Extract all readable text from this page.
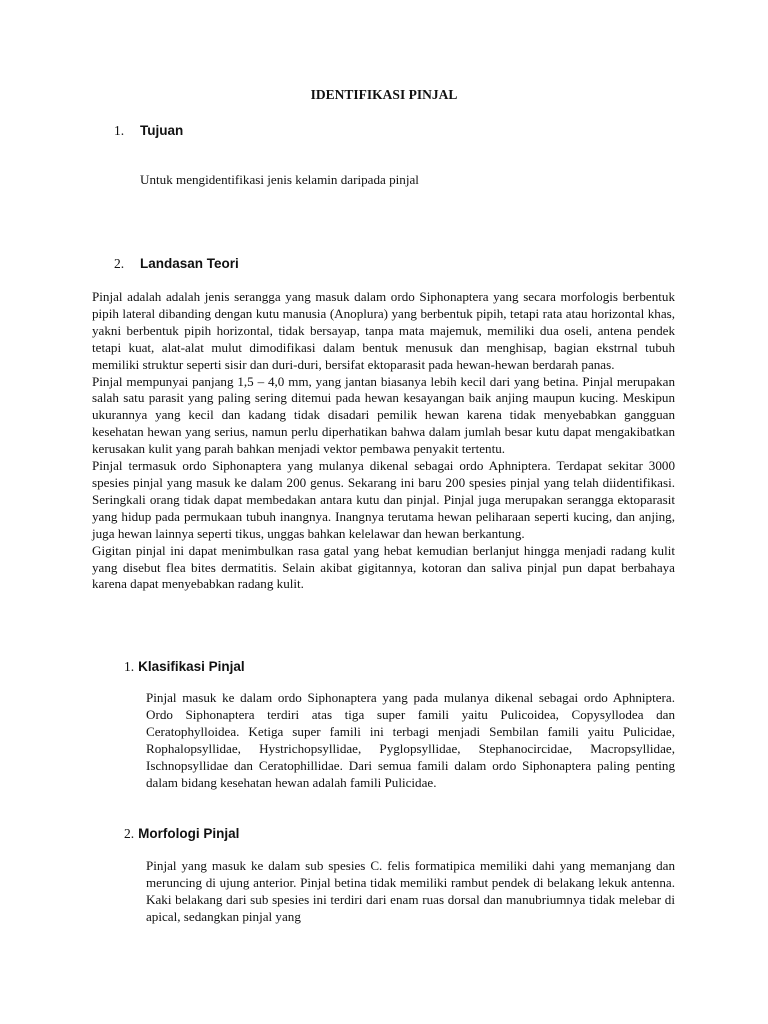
IDENTIFIKASI PINJAL
1.	Tujuan
Untuk mengidentifikasi jenis kelamin daripada pinjal
2.	Landasan Teori
Pinjal adalah adalah jenis serangga yang masuk dalam ordo Siphonaptera yang secara morfologis berbentuk pipih lateral dibanding dengan kutu manusia (Anoplura) yang berbentuk pipih, tetapi rata atau horizontal khas, yakni berbentuk pipih horizontal, tidak bersayap, tanpa mata majemuk, memiliki dua oseli, antena pendek tetapi kuat, alat-alat mulut dimodifikasi dalam bentuk menusuk dan menghisap, bagian ekstrnal tubuh memiliki struktur seperti sisir dan duri-duri, bersifat ektoparasit pada hewan-hewan berdarah panas.
Pinjal mempunyai panjang 1,5 – 4,0 mm, yang jantan biasanya lebih kecil dari yang betina. Pinjal merupakan salah satu parasit yang paling sering ditemui pada hewan kesayangan baik anjing maupun kucing. Meskipun ukurannya yang kecil dan kadang tidak disadari pemilik hewan karena tidak menyebabkan gangguan kesehatan hewan yang serius, namun perlu diperhatikan bahwa dalam jumlah besar kutu dapat mengakibatkan kerusakan kulit yang parah bahkan menjadi vektor pembawa penyakit tertentu.
Pinjal termasuk ordo Siphonaptera yang mulanya dikenal sebagai ordo Aphniptera. Terdapat sekitar 3000 spesies pinjal yang masuk ke dalam 200 genus. Sekarang ini baru 200 spesies pinjal yang telah diidentifikasi. Seringkali orang tidak dapat membedakan antara kutu dan pinjal. Pinjal juga merupakan serangga ektoparasit yang hidup pada permukaan tubuh inangnya. Inangnya terutama hewan peliharaan seperti kucing, dan anjing, juga hewan lainnya seperti tikus, unggas bahkan kelelawar dan hewan berkantung.
Gigitan pinjal ini dapat menimbulkan rasa gatal yang hebat kemudian berlanjut hingga menjadi radang kulit yang disebut flea bites dermatitis. Selain akibat gigitannya, kotoran dan saliva pinjal pun dapat berbahaya karena dapat menyebabkan radang kulit.
1. Klasifikasi Pinjal
Pinjal masuk ke dalam ordo Siphonaptera yang pada mulanya dikenal sebagai ordo Aphniptera. Ordo Siphonaptera terdiri atas tiga super famili yaitu Pulicoidea, Copysyllodea dan Ceratophylloidea. Ketiga super famili ini terbagi menjadi Sembilan famili yaitu Pulicidae, Rophalopsyllidae, Hystrichopsyllidae, Pyglopsyllidae, Stephanocircidae, Macropsyllidae, Ischnopsyllidae dan Ceratophillidae. Dari semua famili dalam ordo Siphonaptera paling penting dalam bidang kesehatan hewan adalah famili Pulicidae.
2. Morfologi Pinjal
Pinjal yang masuk ke dalam sub spesies C. felis formatipica memiliki dahi yang memanjang dan meruncing di ujung anterior. Pinjal betina tidak memiliki rambut pendek di belakang lekuk antenna. Kaki belakang dari sub spesies ini terdiri dari enam ruas dorsal dan manubriumnya tidak melebar di apical, sedangkan pinjal yang
